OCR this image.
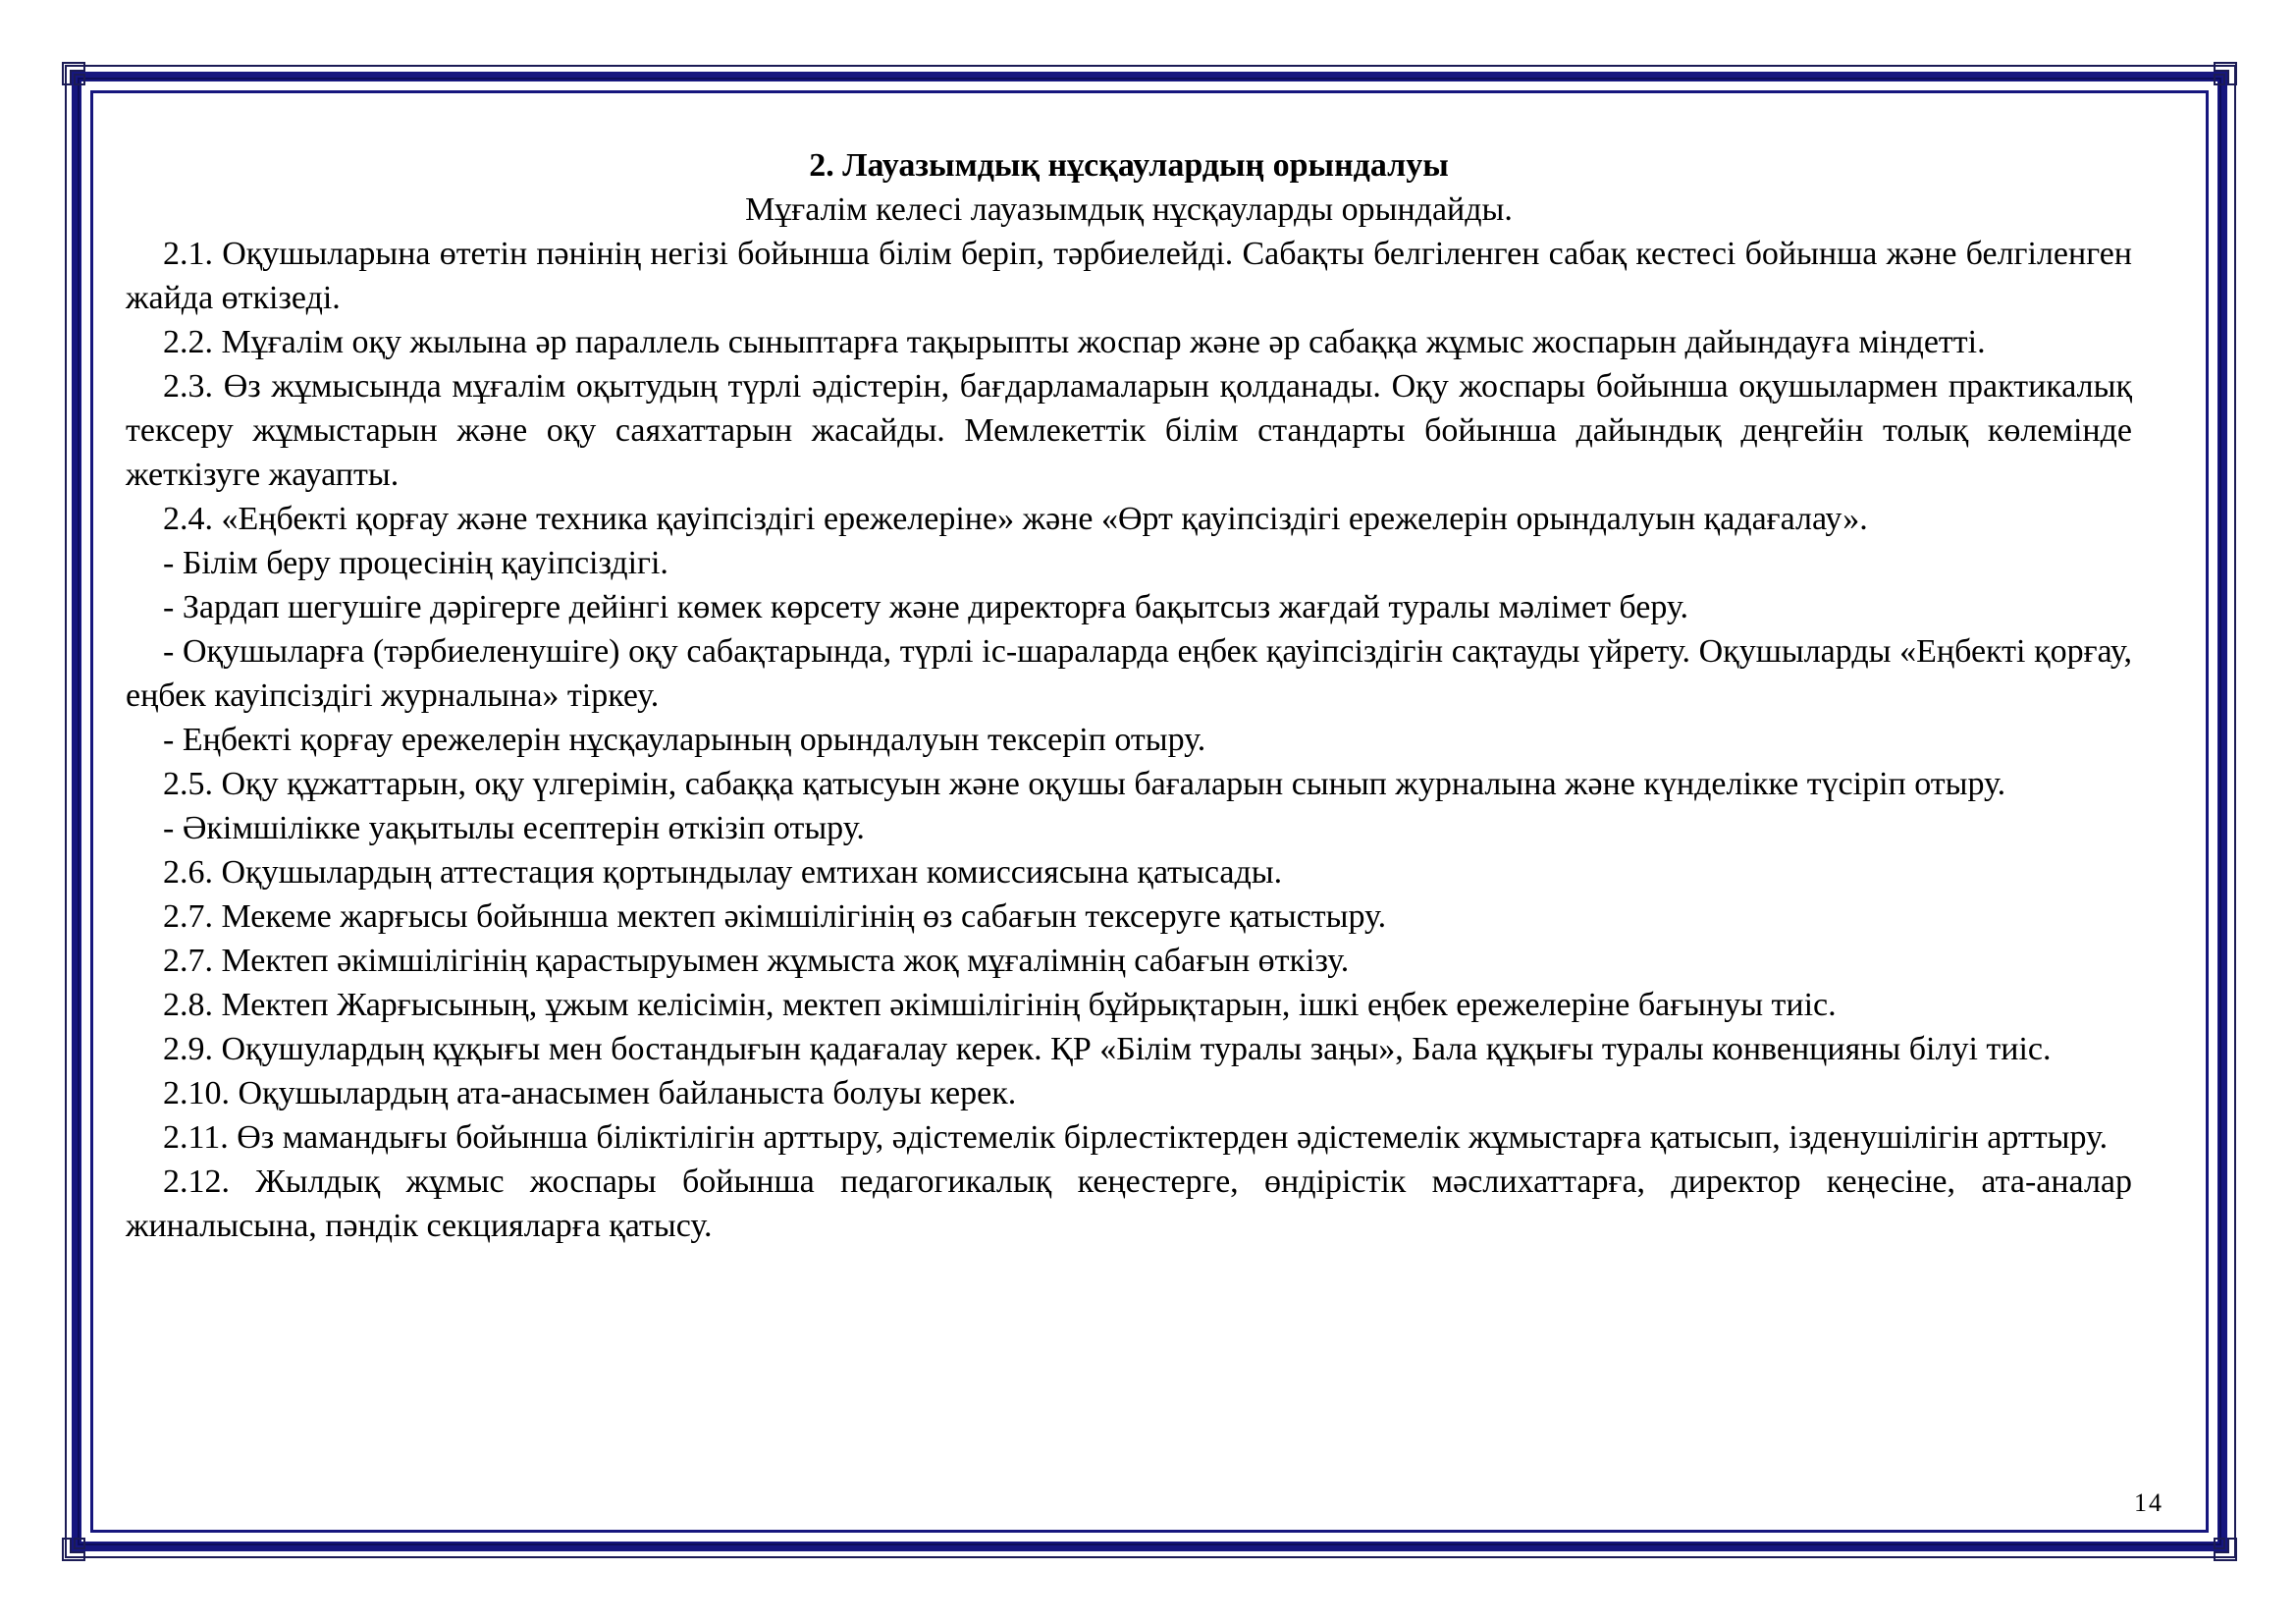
2. Лауазымдық нұсқаулардың орындалуы

Мұғалім келесі лауазымдық нұсқауларды орындайды.

2.1. Оқушыларына өтетін пәнінің негізі бойынша білім беріп, тәрбиелейді. Сабақты белгіленген сабақ кестесі бойынша және белгіленген жайда өткізеді.

2.2. Мұғалім оқу жылына әр параллель сыныптарға тақырыпты жоспар және әр сабаққа жұмыс жоспарын дайындауға міндетті.

2.3. Өз жұмысында мұғалім оқытудың түрлі әдістерін, бағдарламаларын қолданады. Оқу жоспары бойынша оқушылармен практикалық тексеру жұмыстарын және оқу саяхаттарын жасайды. Мемлекеттік білім стандарты бойынша дайындық деңгейін толық көлемінде жеткізуге жауапты.

2.4. «Еңбекті қорғау және техника қауіпсіздігі ережелеріне» және «Өрт қауіпсіздігі ережелерін орындалуын қадағалау».

- Білім беру процесінің қауіпсіздігі.

- Зардап шегушіге дәрігерге дейінгі көмек көрсету және директорға бақытсыз жағдай туралы мәлімет беру.

- Оқушыларға (тәрбиеленушіге) оқу сабақтарында, түрлі іс-шараларда еңбек қауіпсіздігін сақтауды үйрету. Оқушыларды «Еңбекті қорғау, еңбек кауіпсіздігі журналына» тіркеу.

- Еңбекті қорғау ережелерін нұсқауларының орындалуын тексеріп отыру.

2.5. Оқу құжаттарын, оқу үлгерімін, сабаққа қатысуын және оқушы бағаларын сынып журналына және күнделікке түсіріп отыру.

- Әкімшілікке уақытылы есептерін өткізіп отыру.

2.6. Оқушылардың аттестация қортындылау емтихан комиссиясына қатысады.

2.7. Мекеме жарғысы бойынша мектеп әкімшілігінің өз сабағын тексеруге қатыстыру.

2.7. Мектеп әкімшілігінің қарастыруымен жұмыста жоқ мұғалімнің сабағын өткізу.

2.8. Мектеп Жарғысының, ұжым келісімін, мектеп әкімшілігінің бұйрықтарын, ішкі еңбек ережелеріне бағынуы тиіс.

2.9. Оқушулардың құқығы мен бостандығын қадағалау керек. ҚР «Білім туралы заңы», Бала құқығы туралы конвенцияны білуі тиіс.

2.10. Оқушылардың ата-анасымен байланыста болуы керек.

2.11. Өз мамандығы бойынша біліктілігін арттыру, әдістемелік бірлестіктерден әдістемелік жұмыстарға қатысып, ізденушілігін арттыру.

2.12. Жылдық жұмыс жоспары бойынша педагогикалық кеңестерге, өндірістік мәслихаттарға, директор кеңесіне, ата-аналар жиналысына, пәндік секцияларға қатысу.

14
